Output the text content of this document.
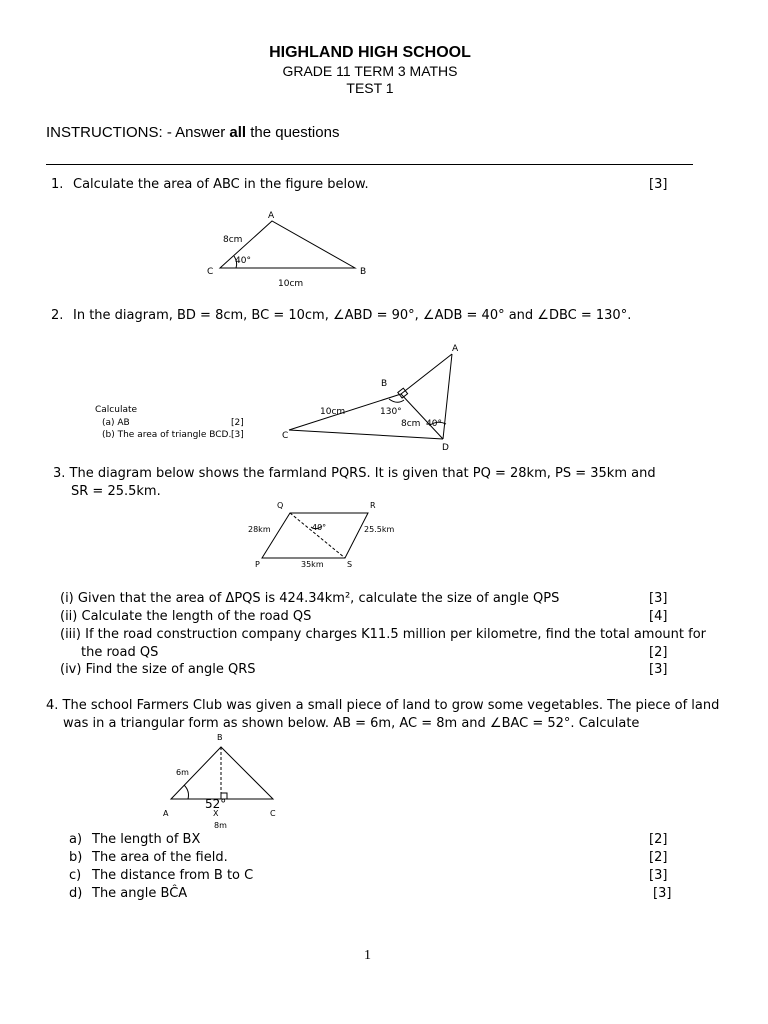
HIGHLAND HIGH SCHOOL
GRADE 11 TERM 3 MATHS
TEST 1
INSTRUCTIONS: - Answer all the questions
1. Calculate the area of ABC in the figure below.	[3]
2. In the diagram, BD = 8cm, BC = 10cm, ∠ABD = 90°, ∠ADB = 40° and ∠DBC = 130°.
Calculate
(a) AB	[2]
(b) The area of triangle BCD. [3]
3. The diagram below shows the farmland PQRS. It is given that PQ = 28km, PS = 35km and
SR = 25.5km.
(i) Given that the area of ΔPQS is 424.34km², calculate the size of angle QPS	[3]
(ii) Calculate the length of the road QS	[4]
(iii) If the road construction company charges K11.5 million per kilometre, find the total amount for
the road QS	[2]
(iv) Find the size of angle QRS	[3]
4. The school Farmers Club was given a small piece of land to grow some vegetables. The piece of land
was in a triangular form as shown below. AB = 6m, AC = 8m and ∠BAC = 52°. Calculate
a) The length of BX	[2]
b) The area of the field.	[2]
c) The distance from B to C	[3]
d) The angle BĈA	[3]
1
A
B
C
8cm
10cm
40°
A
B
C
D
10cm	130°
8cm 40°
Q	R
P	S
28km	25.5km
35km
40°
B
A	C
X
6m
8m
52°
